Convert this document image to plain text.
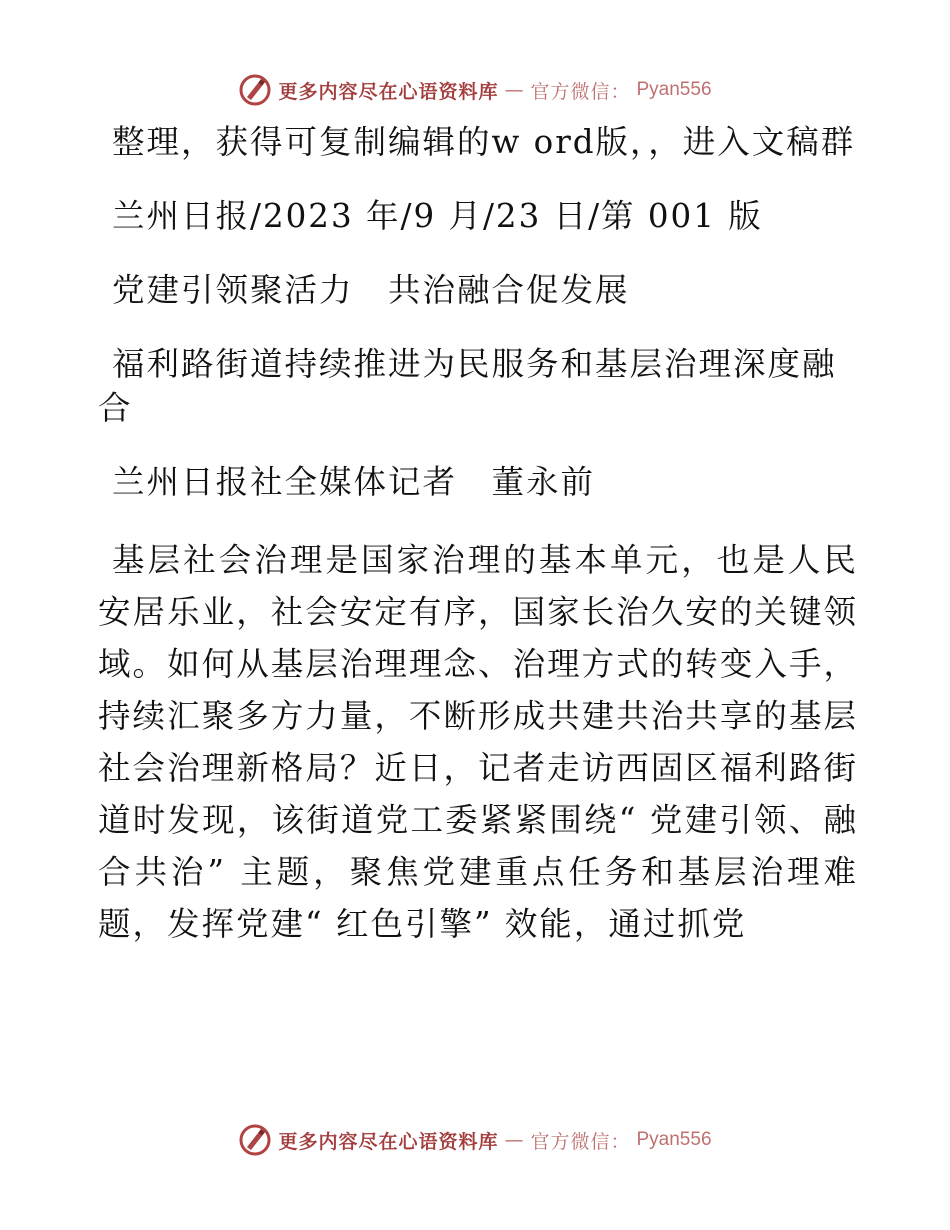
更多内容尽在心语资料库 — 官方微信： Pyan556

整理，获得可复制编辑的w ord版，，进入文稿群

兰州日报/2023 年/9 月/23 日/第 001 版

党建引领聚活力　共治融合促发展

福利路街道持续推进为民服务和基层治理深度融合

兰州日报社全媒体记者　董永前

基层社会治理是国家治理的基本单元，也是人民安居乐业，社会安定有序，国家长治久安的关键领域。如何从基层治理理念、治理方式的转变入手，持续汇聚多方力量，不断形成共建共治共享的基层社会治理新格局？近日，记者走访西固区福利路街道时发现，该街道党工委紧紧围绕“ 党建引领、融合共治” 主题，聚焦党建重点任务和基层治理难题，发挥党建“ 红色引擎” 效能，通过抓党

更多内容尽在心语资料库 — 官方微信： Pyan556
